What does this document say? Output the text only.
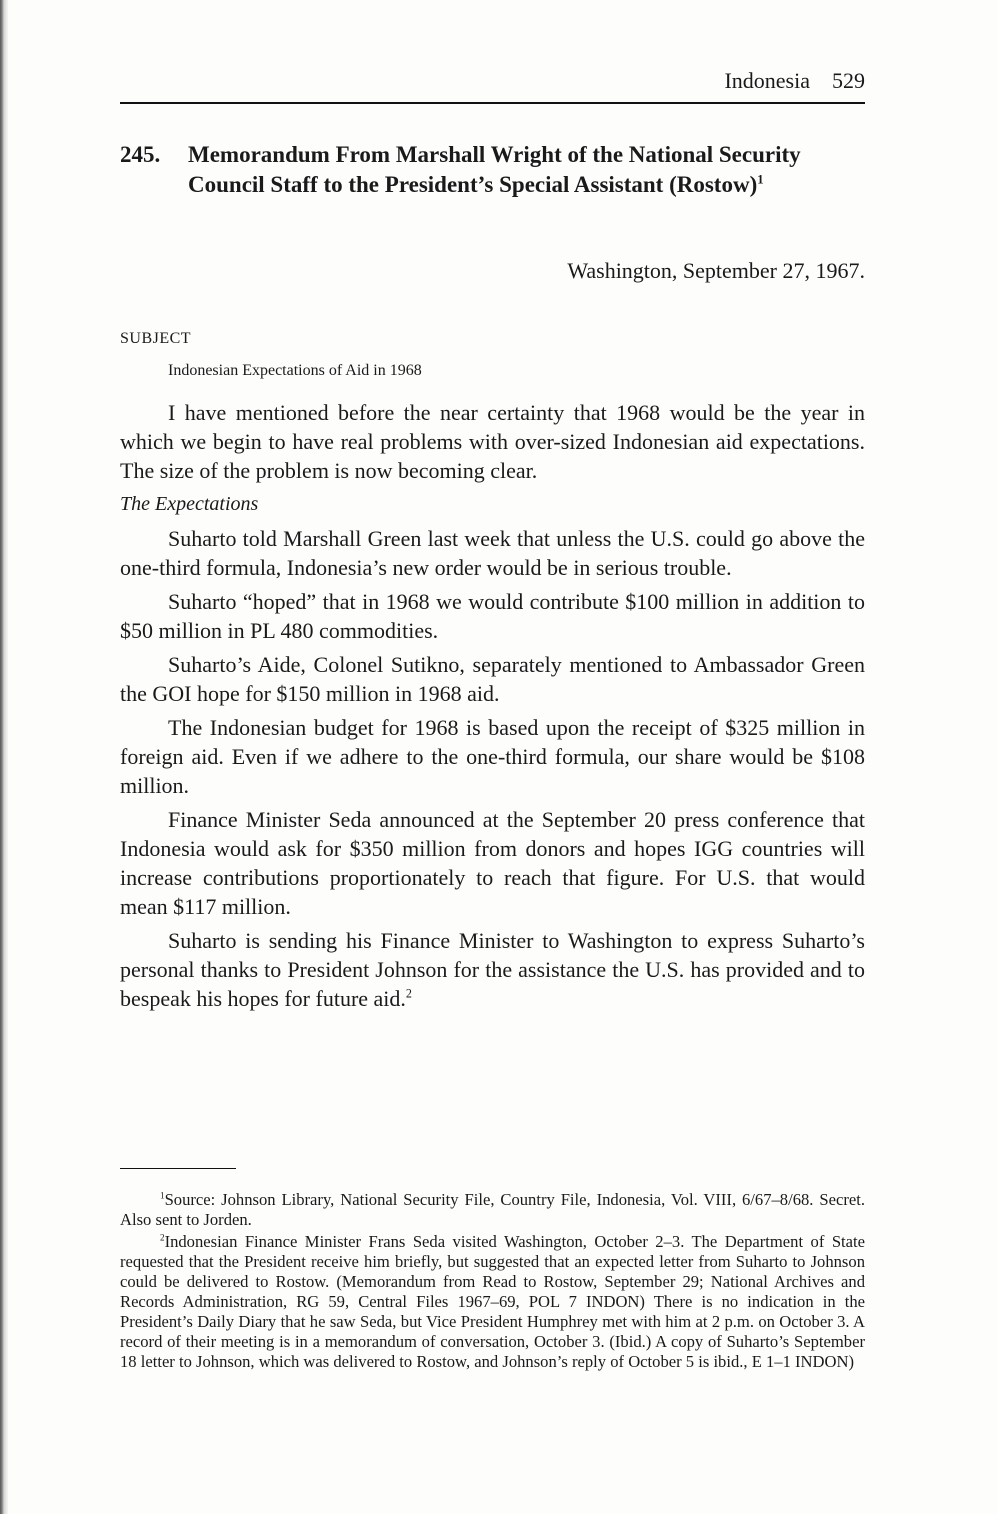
Indonesia 529
245.	Memorandum From Marshall Wright of the National Security Council Staff to the President’s Special Assistant (Rostow)$^1$
Washington, September 27, 1967.
SUBJECT
Indonesian Expectations of Aid in 1968

I have mentioned before the near certainty that 1968 would be the year in which we begin to have real problems with over-sized Indonesian aid expectations. The size of the problem is now becoming clear.

The Expectations

Suharto told Marshall Green last week that unless the U.S. could go above the one-third formula, Indonesia’s new order would be in serious trouble.

Suharto “hoped” that in 1968 we would contribute $100 million in addition to $50 million in PL 480 commodities.

Suharto’s Aide, Colonel Sutikno, separately mentioned to Ambassador Green the GOI hope for $150 million in 1968 aid.

The Indonesian budget for 1968 is based upon the receipt of $325 million in foreign aid. Even if we adhere to the one-third formula, our share would be $108 million.

Finance Minister Seda announced at the September 20 press conference that Indonesia would ask for $350 million from donors and hopes IGG countries will increase contributions proportionately to reach that figure. For U.S. that would mean $117 million.

Suharto is sending his Finance Minister to Washington to express Suharto’s personal thanks to President Johnson for the assistance the U.S. has provided and to bespeak his hopes for future aid.$^2$

$^1$Source: Johnson Library, National Security File, Country File, Indonesia, Vol. VIII, 6/67–8/68. Secret. Also sent to Jorden.

$^2$Indonesian Finance Minister Frans Seda visited Washington, October 2–3. The Department of State requested that the President receive him briefly, but suggested that an expected letter from Suharto to Johnson could be delivered to Rostow. (Memorandum from Read to Rostow, September 29; National Archives and Records Administration, RG 59, Central Files 1967–69, POL 7 INDON) There is no indication in the President’s Daily Diary that he saw Seda, but Vice President Humphrey met with him at 2 p.m. on October 3. A record of their meeting is in a memorandum of conversation, October 3. (Ibid.) A copy of Suharto’s September 18 letter to Johnson, which was delivered to Rostow, and Johnson’s reply of October 5 is ibid., E 1–1 INDON)
